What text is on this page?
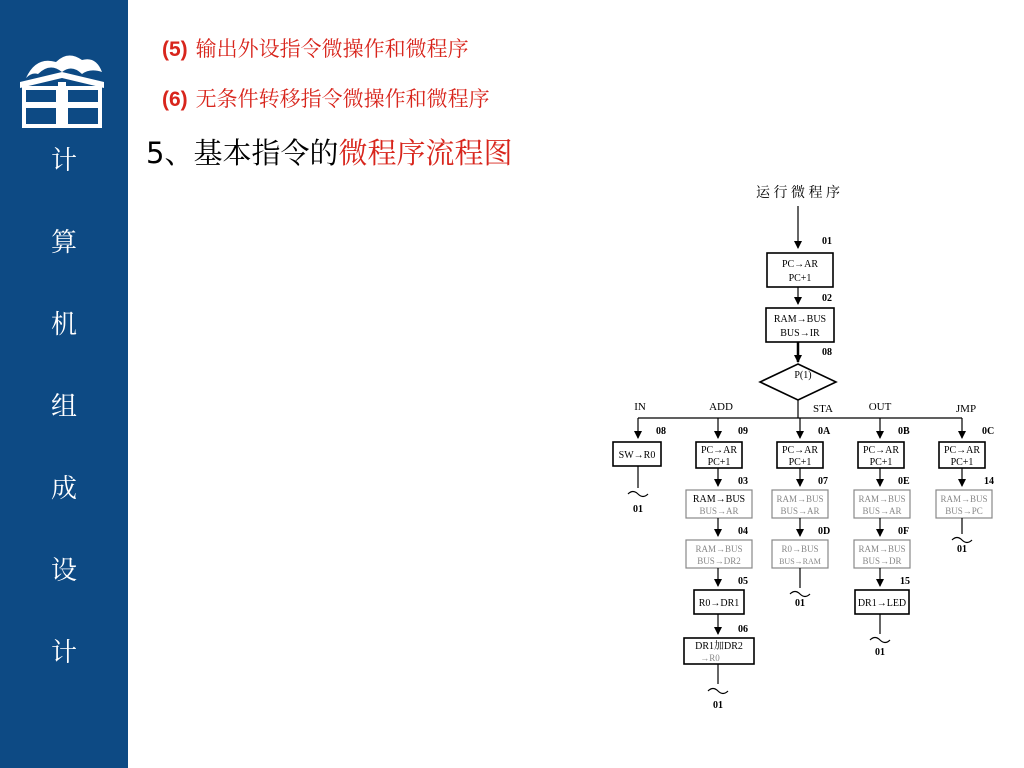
计
算
机
组
成
设
计
(5) 输出外设指令微操作和微程序
(6) 无条件转移指令微操作和微程序
5、基本指令的微程序流程图
运 行 微 程 序
01
PC→AR
PC+1
02
RAM→BUS
BUS→IR
08
P(1)
IN	ADD	STA	OUT	JMP
08
SW→R0
01
09
PC→AR
PC+1
03
RAM→BUS
BUS→AR
04
RAM→BUS
BUS→DR2
05
R0→DR1
06
DR1加DR2
→R0
01
0A
PC→AR
PC+1
07
RAM→BUS
BUS→AR
0D
R0→BUS
BUS→RAM
01
0B
PC→AR
PC+1
0E
RAM→BUS
BUS→AR
0F
RAM→BUS
BUS→DR
15
DR1→LED
01
0C
PC→AR
PC+1
14
RAM→BUS
BUS→PC
01
